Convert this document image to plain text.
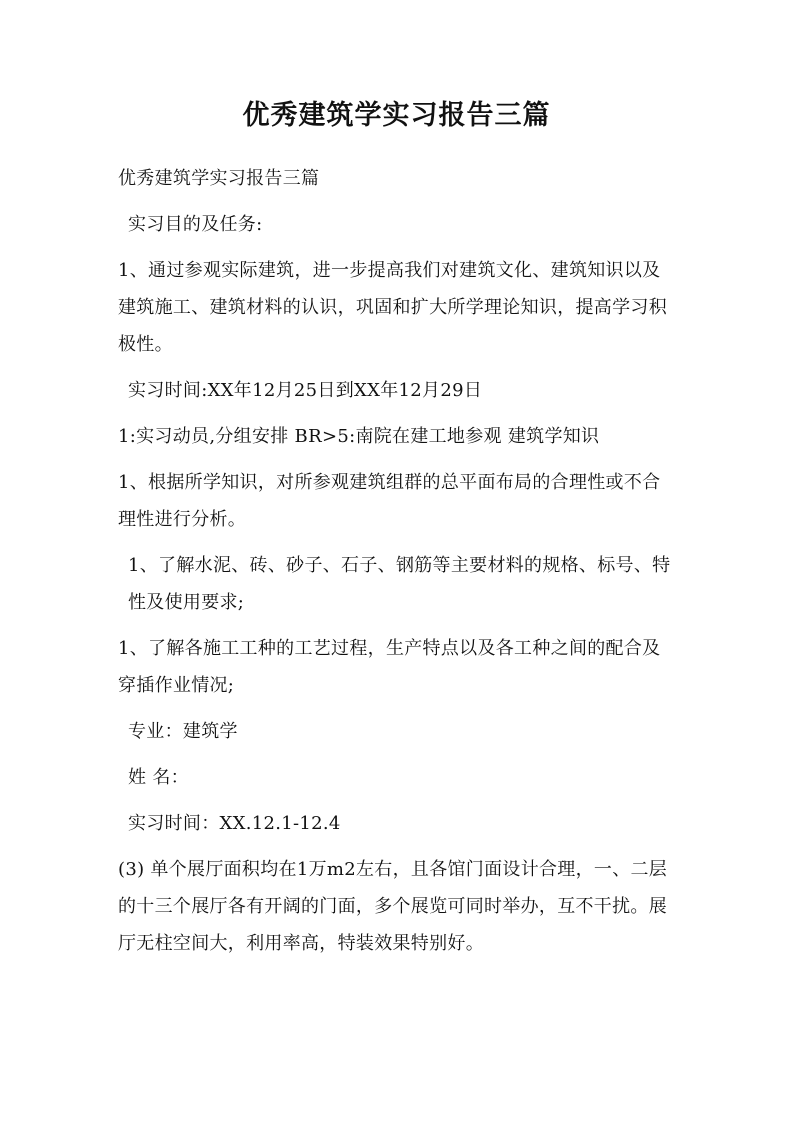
优秀建筑学实习报告三篇

优秀建筑学实习报告三篇

实习目的及任务:

1、通过参观实际建筑，进一步提高我们对建筑文化、建筑知识以及建筑施工、建筑材料的认识，巩固和扩大所学理论知识，提高学习积极性。

实习时间:XX年12月25日到XX年12月29日

1:实习动员,分组安排 BR>5:南院在建工地参观 建筑学知识

1、根据所学知识，对所参观建筑组群的总平面布局的合理性或不合理性进行分析。

1、了解水泥、砖、砂子、石子、钢筋等主要材料的规格、标号、特性及使用要求;

1、了解各施工工种的工艺过程，生产特点以及各工种之间的配合及穿插作业情况;

专业：建筑学

姓 名：

实习时间：XX.12.1-12.4

(3) 单个展厅面积均在1万m2左右，且各馆门面设计合理，一、二层的十三个展厅各有开阔的门面，多个展览可同时举办，互不干扰。展厅无柱空间大，利用率高，特装效果特别好。
